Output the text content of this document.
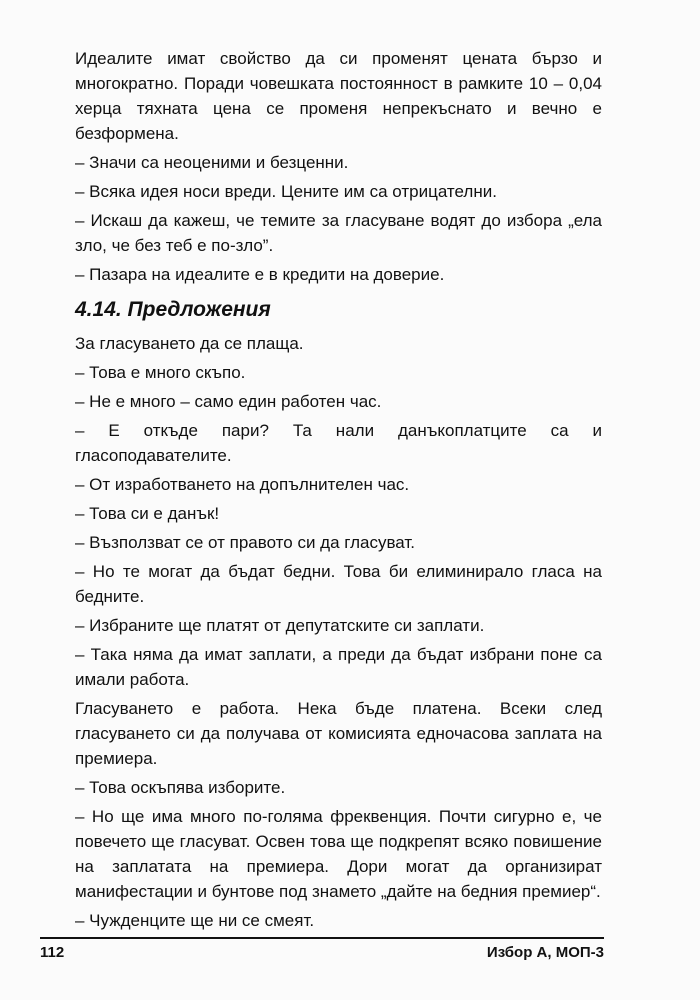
Идеалите имат свойство да си променят цената бързо и многократно. Поради човешката постоянност в рамките 10 – 0,04 херца тяхната цена се променя непрекъснато и вечно е безформена.

– Значи са неоценими и безценни.

– Всяка идея носи вреди. Цените им са отрицателни.

– Искаш да кажеш, че темите за гласуване водят до избора „ела зло, че без теб е по-зло”.

– Пазара на идеалите е в кредити на доверие.

4.14. Предложения

За гласуването да се плаща.

– Това е много скъпо.

– Не е много – само един работен час.

– Е откъде пари? Та нали данъкоплатците са и гласоподавателите.

– От изработването на допълнителен час.

– Това си е данък!

– Възползват се от правото си да гласуват.

– Но те могат да бъдат бедни. Това би елиминирало гласа на бедните.

– Избраните ще платят от депутатските си заплати.

– Така няма да имат заплати, а преди да бъдат избрани поне са имали работа.

Гласуването е работа. Нека бъде платена. Всеки след гласуването си да получава от комисията едночасова заплата на премиера.

– Това оскъпява изборите.

– Но ще има много по-голяма фреквенция. Почти сигурно е, че повечето ще гласуват. Освен това ще подкрепят всяко повишение на заплатата на премиера. Дори могат да организират манифестации и бунтове под знамето „дайте на бедния премиер“.

– Чужденците ще ни се смеят.

112	Избор А, МОП-3
